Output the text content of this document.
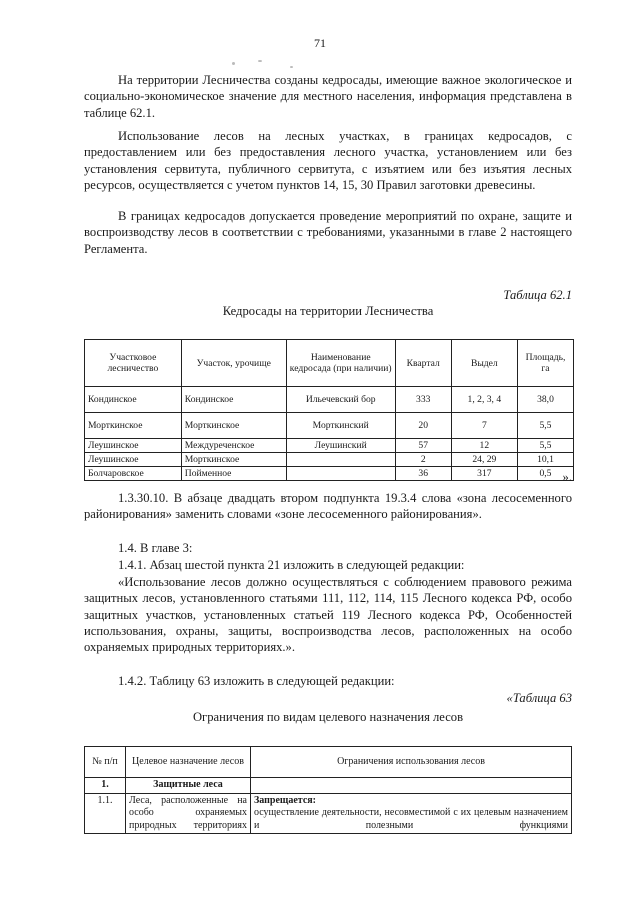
71
На территории Лесничества созданы кедросады, имеющие важное экологическое и социально-экономическое значение для местного населения, информация представлена в таблице 62.1.
Использование лесов на лесных участках, в границах кедросадов, с предоставлением или без предоставления лесного участка, установлением или без установления сервитута, публичного сервитута, с изъятием или без изъятия лесных ресурсов, осуществляется с учетом пунктов 14, 15, 30 Правил заготовки древесины.
В границах кедросадов допускается проведение мероприятий по охране, защите и воспроизводству лесов в соответствии с требованиями, указанными в главе 2 настоящего Регламента.
Таблица 62.1
Кедросады на территории Лесничества
Участковое лесничество	Участок, урочище	Наименование кедросада (при наличии)	Квартал	Выдел	Площадь, га
Кондинское	Кондинское	Ильечевский бор	333	1, 2, 3, 4	38,0
Морткинское	Морткинское	Морткинский	20	7	5,5
Леушинское	Междуреченское	Леушинский	57	12	5,5
Леушинское	Морткинское		2	24, 29	10,1
Болчаровское	Пойменное		36	317	0,5 ».
1.3.30.10. В абзаце двадцать втором подпункта 19.3.4 слова «зона лесосеменного районирования» заменить словами «зоне лесосеменного районирования».
1.4. В главе 3:
1.4.1. Абзац шестой пункта 21 изложить в следующей редакции:
«Использование лесов должно осуществляться с соблюдением правового режима защитных лесов, установленного статьями 111, 112, 114, 115 Лесного кодекса РФ, особо защитных участков, установленных статьей 119 Лесного кодекса РФ, Особенностей использования, охраны, защиты, воспроизводства лесов, расположенных на особо охраняемых природных территориях.».
1.4.2. Таблицу 63 изложить в следующей редакции:
«Таблица 63
Ограничения по видам целевого назначения лесов
№ п/п	Целевое назначение лесов	Ограничения использования лесов
1.	Защитные леса	
1.1.	Леса, расположенные на особо охраняемых природных территориях	Запрещается:
осуществление деятельности, несовместимой с их целевым назначением и полезными функциями
